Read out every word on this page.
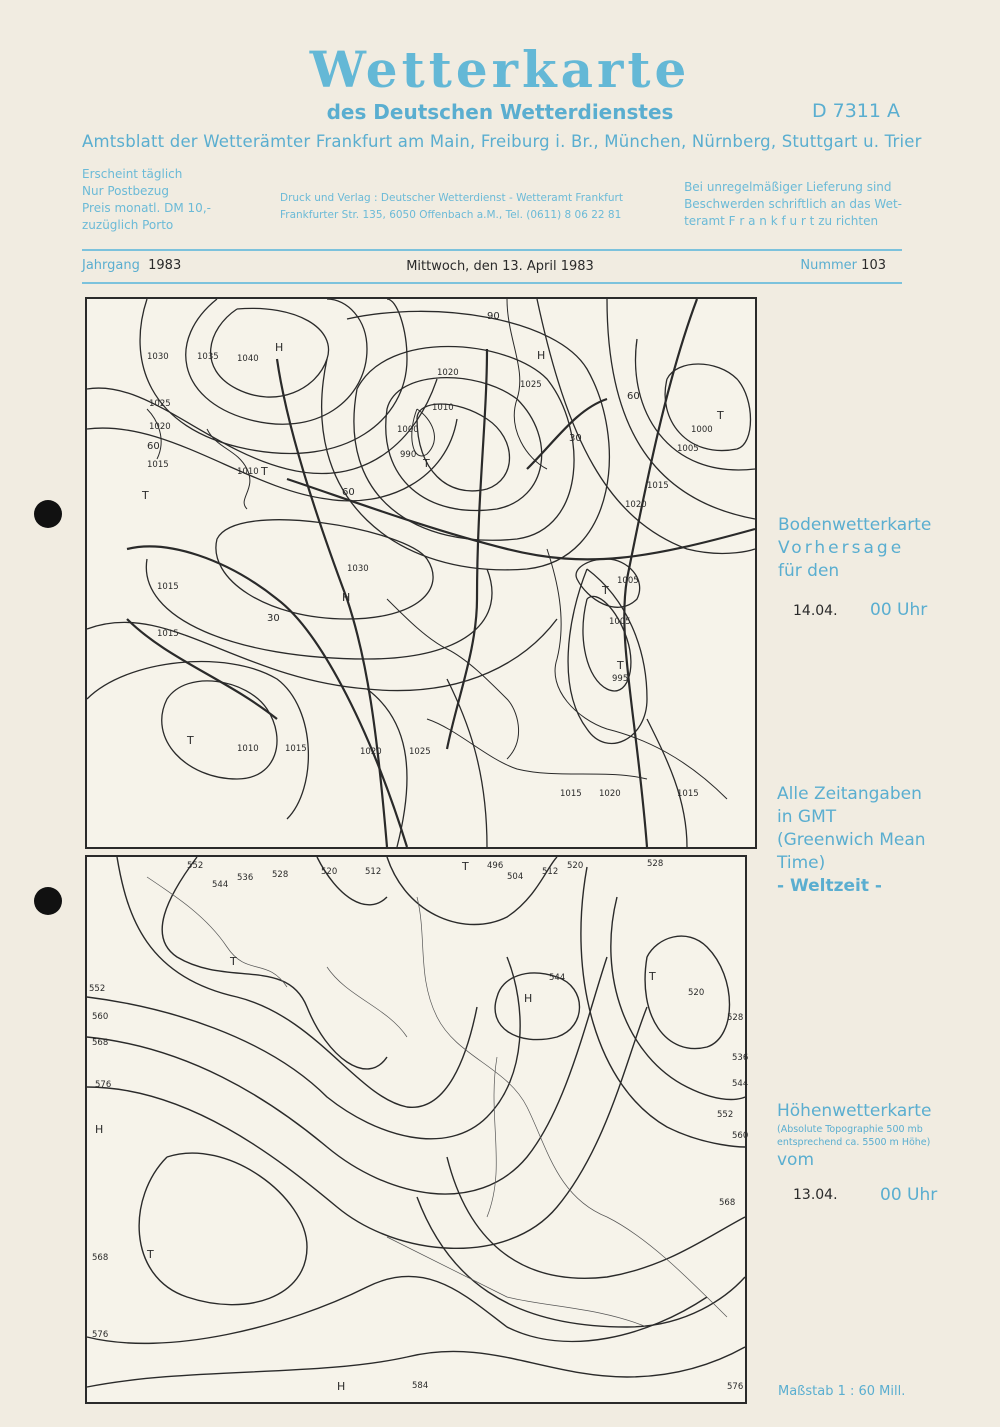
Wetterkarte
des Deutschen Wetterdienstes	D 7311 A
Amtsblatt der Wetterämter Frankfurt am Main, Freiburg i. Br., München, Nürnberg, Stuttgart u. Trier
Erscheint täglich
Nur Postbezug
Preis monatl. DM 10,-
zuzüglich Porto
Druck und Verlag : Deutscher Wetterdienst - Wetteramt Frankfurt
Frankfurter Str. 135, 6050 Offenbach a.M., Tel. (0611) 8 06 22 81
Bei unregelmäßiger Lieferung sind
Beschwerden schriftlich an das Wet-
teramt F r a n k f u r t zu richten
Jahrgang 1983	Mittwoch, den 13. April 1983	Nummer 103
1030	1035 1040
1025
1020
1015
1010
1000
990
1020
1010
1025
1020
1005
1015
1000
1005
1030
1005
1015
995
1020	1025
1010	1015
1015 1020	1015
1015
60
90
30
60
30
60
H
H
T
T
T
H
T
T
T
T
552
544
536 528	520	512
496
504 512
520	528
552
560
568
576
544
520
528
536
544
552
560
568
568
576
584	576
T
T
H
T
T
H
H
Bodenwetterkarte
Vorhersage
für den
14.04. 00 Uhr
Alle Zeitangaben
in GMT
(Greenwich Mean
Time)
- Weltzeit -
Höhenwetterkarte
(Absolute Topographie 500 mb
entsprechend ca. 5500 m Höhe)
vom
13.04. 00 Uhr
Maßstab 1 : 60 Mill.
